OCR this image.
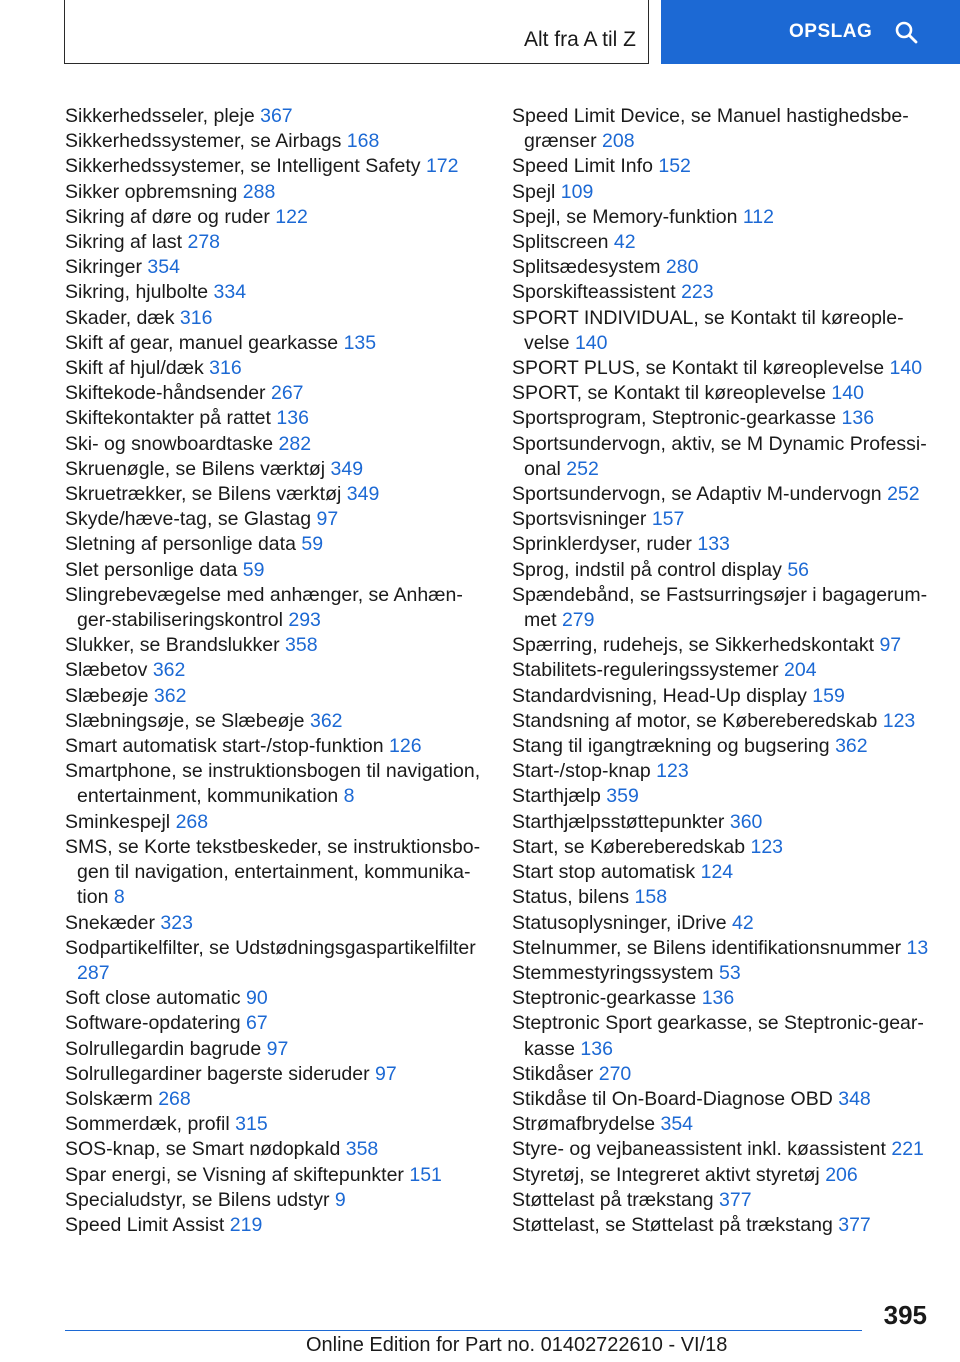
Alt fra A til Z	OPSLAG
Sikkerhedsseler, pleje 367
Sikkerhedssystemer, se Airbags 168
Sikkerhedssystemer, se Intelligent Safety 172
Sikker opbremsning 288
Sikring af døre og ruder 122
Sikring af last 278
Sikringer 354
Sikring, hjulbolte 334
Skader, dæk 316
Skift af gear, manuel gearkasse 135
Skift af hjul/dæk 316
Skiftekode-håndsender 267
Skiftekontakter på rattet 136
Ski- og snowboardtaske 282
Skruenøgle, se Bilens værktøj 349
Skruetrækker, se Bilens værktøj 349
Skyde/hæve-tag, se Glastag 97
Sletning af personlige data 59
Slet personlige data 59
Slingrebevægelse med anhænger, se Anhænger-stabiliseringskontrol 293
Slukker, se Brandslukker 358
Slæbetov 362
Slæbeøje 362
Slæbningsøje, se Slæbeøje 362
Smart automatisk start-/stop-funktion 126
Smartphone, se instruktionsbogen til navigation, entertainment, kommunikation 8
Sminkespejl 268
SMS, se Korte tekstbeskeder, se instruktionsbogen til navigation, entertainment, kommunikation 8
Snekæder 323
Sodpartikelfilter, se Udstødningsgaspartikelfilter 287
Soft close automatic 90
Software-opdatering 67
Solrullegardin bagrude 97
Solrullegardiner bagerste sideruder 97
Solskærm 268
Sommerdæk, profil 315
SOS-knap, se Smart nødopkald 358
Spar energi, se Visning af skiftepunkter 151
Specialudstyr, se Bilens udstyr 9
Speed Limit Assist 219
Speed Limit Device, se Manuel hastighedsbegrænser 208
Speed Limit Info 152
Spejl 109
Spejl, se Memory-funktion 112
Splitscreen 42
Splitsædesystem 280
Sporskifteassistent 223
SPORT INDIVIDUAL, se Kontakt til køreoplevelse 140
SPORT PLUS, se Kontakt til køreoplevelse 140
SPORT, se Kontakt til køreoplevelse 140
Sportsprogram, Steptronic-gearkasse 136
Sportsundervogn, aktiv, se M Dynamic Professional 252
Sportsundervogn, se Adaptiv M-undervogn 252
Sportsvisninger 157
Sprinklerdyser, ruder 133
Sprog, indstil på control display 56
Spændebånd, se Fastsurringsøjer i bagagerummet 279
Spærring, rudehejs, se Sikkerhedskontakt 97
Stabilitets-reguleringssystemer 204
Standardvisning, Head-Up display 159
Standsning af motor, se Købereberedskab 123
Stang til igangtrækning og bugsering 362
Start-/stop-knap 123
Starthjælp 359
Starthjælpsstøttepunkter 360
Start, se Købereberedskab 123
Start stop automatisk 124
Status, bilens 158
Statusoplysninger, iDrive 42
Stelnummer, se Bilens identifikationsnummer 13
Stemmestyringssystem 53
Steptronic-gearkasse 136
Steptronic Sport gearkasse, se Steptronic-gearkasse 136
Stikdåser 270
Stikdåse til On-Board-Diagnose OBD 348
Strømafbrydelse 354
Styre- og vejbaneassistent inkl. køassistent 221
Styretøj, se Integreret aktivt styretøj 206
Støttelast på trækstang 377
Støttelast, se Støttelast på trækstang 377
395
Online Edition for Part no. 01402722610 - VI/18
